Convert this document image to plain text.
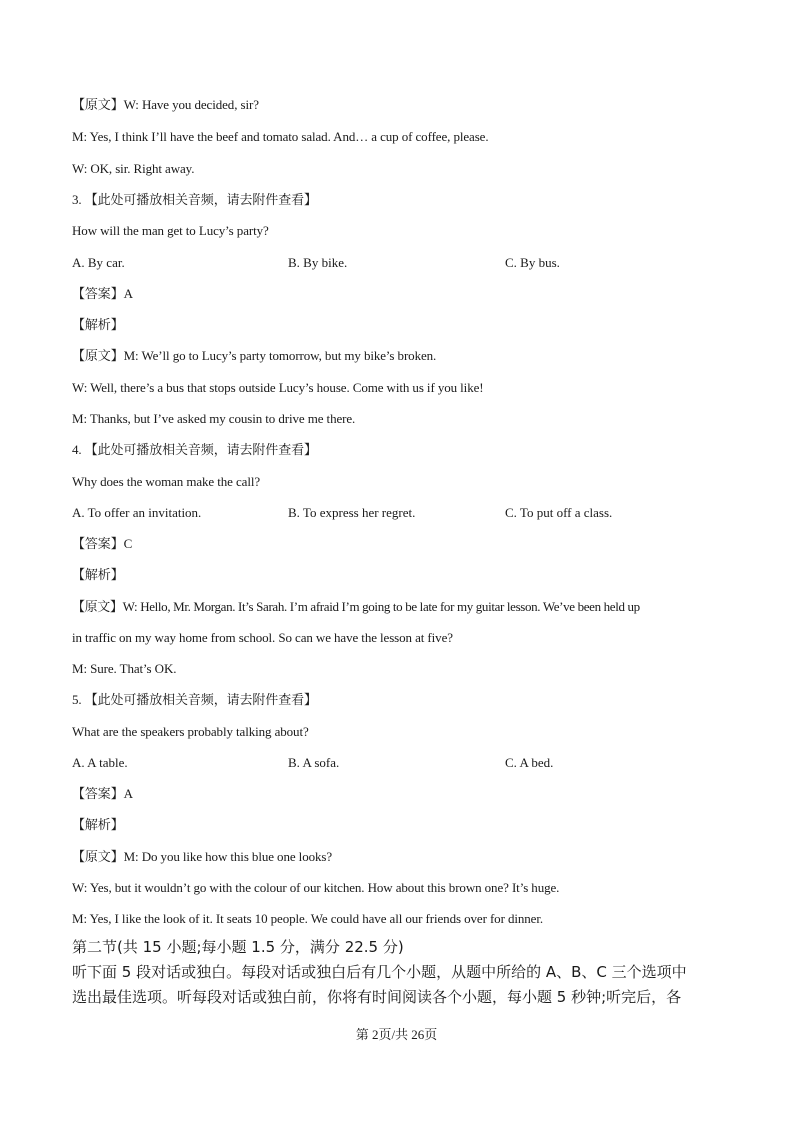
【原文】W: Have you decided, sir?
M: Yes, I think I’ll have the beef and tomato salad. And… a cup of coffee, please.
W: OK, sir. Right away.
3. 【此处可播放相关音频，请去附件查看】
How will the man get to Lucy’s party?
A. By car.	B. By bike.	C. By bus.
【答案】A
【解析】
【原文】M: We’ll go to Lucy’s party tomorrow, but my bike’s broken.
W: Well, there’s a bus that stops outside Lucy’s house. Come with us if you like!
M: Thanks, but I’ve asked my cousin to drive me there.
4. 【此处可播放相关音频，请去附件查看】
Why does the woman make the call?
A. To offer an invitation.	B. To express her regret.	C. To put off a class.
【答案】C
【解析】
【原文】W: Hello, Mr. Morgan. It’s Sarah. I’m afraid I’m going to be late for my guitar lesson. We’ve been held up
in traffic on my way home from school. So can we have the lesson at five?
M: Sure. That’s OK.
5. 【此处可播放相关音频，请去附件查看】
What are the speakers probably talking about?
A. A table.	B. A sofa.	C. A bed.
【答案】A
【解析】
【原文】M: Do you like how this blue one looks?
W: Yes, but it wouldn’t go with the colour of our kitchen. How about this brown one? It’s huge.
M: Yes, I like the look of it. It seats 10 people. We could have all our friends over for dinner.
第二节(共 15 小题;每小题 1.5 分，满分 22.5 分)
听下面 5 段对话或独白。每段对话或独白后有几个小题，从题中所给的 A、B、C 三个选项中
选出最佳选项。听每段对话或独白前，你将有时间阅读各个小题，每小题 5 秒钟;听完后，各
第 2页/共 26页
